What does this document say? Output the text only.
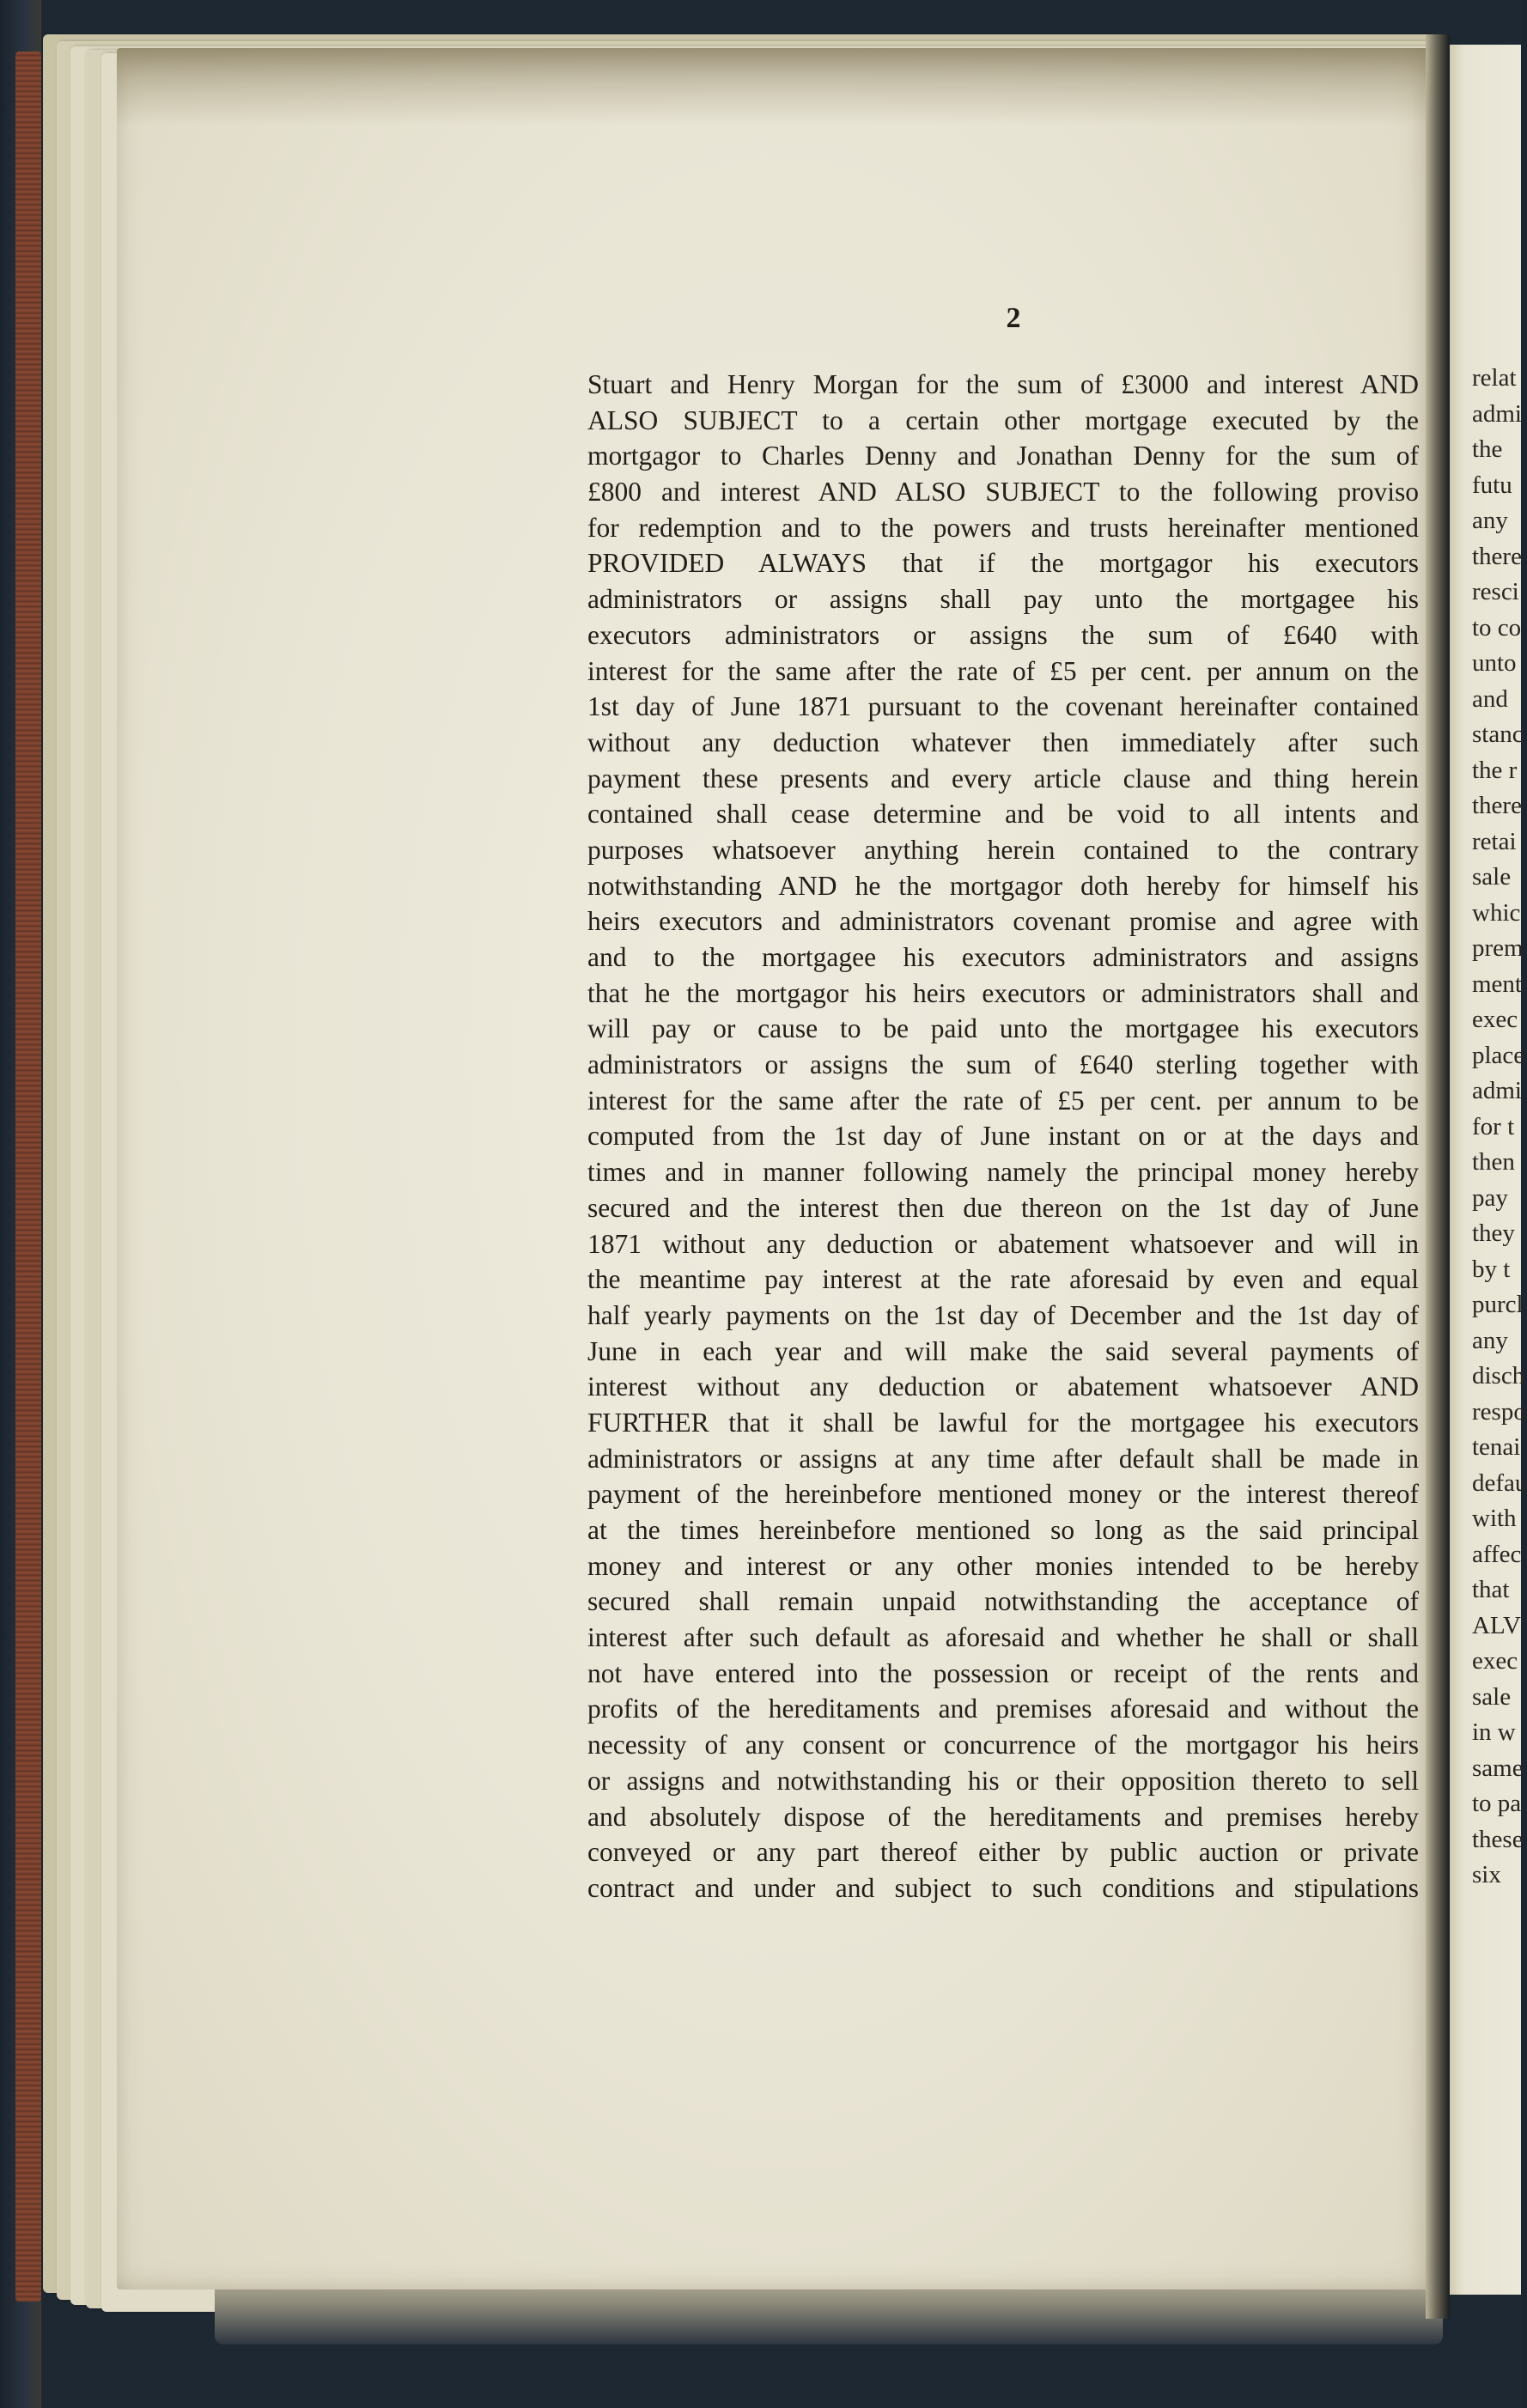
2
Stuart and Henry Morgan for the sum of £3000 and interest AND
ALSO SUBJECT to a certain other mortgage executed by the
mortgagor to Charles Denny and Jonathan Denny for the sum of
£800 and interest AND ALSO SUBJECT to the following proviso
for redemption and to the powers and trusts hereinafter mentioned
PROVIDED ALWAYS that if the mortgagor his executors
administrators or assigns shall pay unto the mortgagee his
executors administrators or assigns the sum of £640 with
interest for the same after the rate of £5 per cent. per annum on the
1st day of June 1871 pursuant to the covenant hereinafter contained
without any deduction whatever then immediately after such
payment these presents and every article clause and thing herein
contained shall cease determine and be void to all intents and
purposes whatsoever anything herein contained to the contrary
notwithstanding AND he the mortgagor doth hereby for himself his
heirs executors and administrators covenant promise and agree with
and to the mortgagee his executors administrators and assigns
that he the mortgagor his heirs executors or administrators shall and
will pay or cause to be paid unto the mortgagee his executors
administrators or assigns the sum of £640 sterling together with
interest for the same after the rate of £5 per cent. per annum to be
computed from the 1st day of June instant on or at the days and
times and in manner following namely the principal money hereby
secured and the interest then due thereon on the 1st day of June
1871 without any deduction or abatement whatsoever and will in
the meantime pay interest at the rate aforesaid by even and equal
half yearly payments on the 1st day of December and the 1st day of
June in each year and will make the said several payments of
interest without any deduction or abatement whatsoever AND
FURTHER that it shall be lawful for the mortgagee his executors
administrators or assigns at any time after default shall be made in
payment of the hereinbefore mentioned money or the interest thereof
at the times hereinbefore mentioned so long as the said principal
money and interest or any other monies intended to be hereby
secured shall remain unpaid notwithstanding the acceptance of
interest after such default as aforesaid and whether he shall or shall
not have entered into the possession or receipt of the rents and
profits of the hereditaments and premises aforesaid and without the
necessity of any consent or concurrence of the mortgagor his heirs
or assigns and notwithstanding his or their opposition thereto to sell
and absolutely dispose of the hereditaments and premises hereby
conveyed or any part thereof either by public auction or private
contract and under and subject to such conditions and stipulations
relat
admi
the
futu
any
there
resci
to co
unto
and
stanc
the r
there
retai
sale
whic
prem
ment
exec
place
admi
for t
then
pay
they
by t
purcl
any
disch
respo
tenai
defau
with
affec
that
ALV
exec
sale
in w
same
to pa
these
six
